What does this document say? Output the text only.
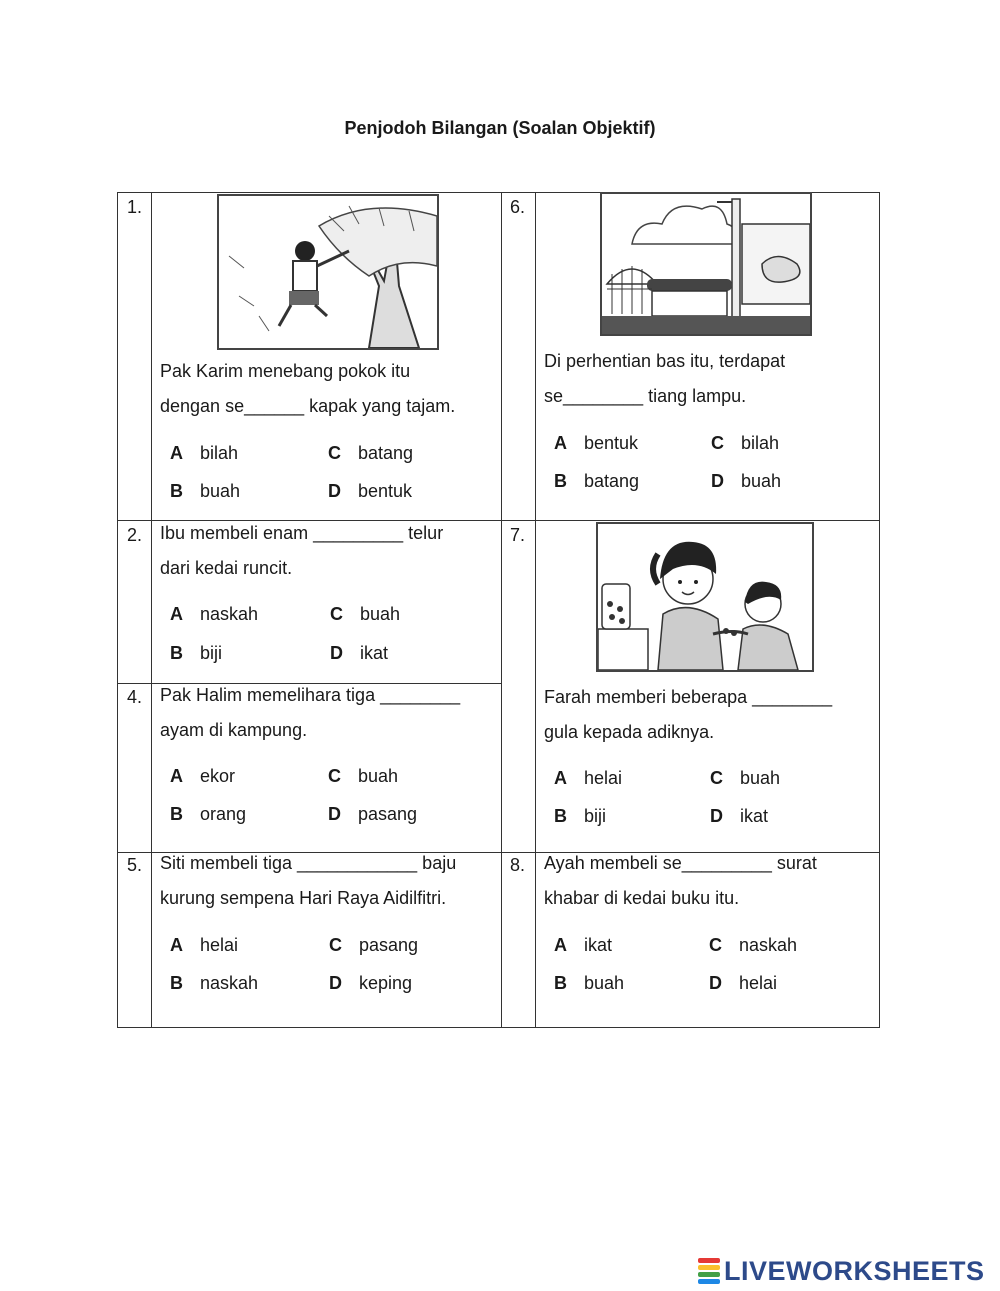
Penjodoh Bilangan (Soalan Objektif)
1.
Pak Karim menebang pokok itu
dengan se______ kapak yang tajam.
A bilah	C batang
B buah	D bentuk
2. Ibu membeli enam _________ telur
dari kedai runcit.
A naskah	C buah
B biji	D ikat
4. Pak Halim memelihara tiga ________
ayam di kampung.
A ekor	C buah
B orang	D pasang
5. Siti membeli tiga ____________ baju
kurung sempena Hari Raya Aidilfitri.
A helai	C pasang
B naskah	D keping
6.
Di perhentian bas itu, terdapat
se________ tiang lampu.
A bentuk	C bilah
B batang	D buah
7.
Farah memberi beberapa ________
gula kepada adiknya.
A helai	C buah
B biji	D ikat
8. Ayah membeli se_________ surat
khabar di kedai buku itu.
A ikat	C naskah
B buah	D helai
LIVEWORKSHEETS
